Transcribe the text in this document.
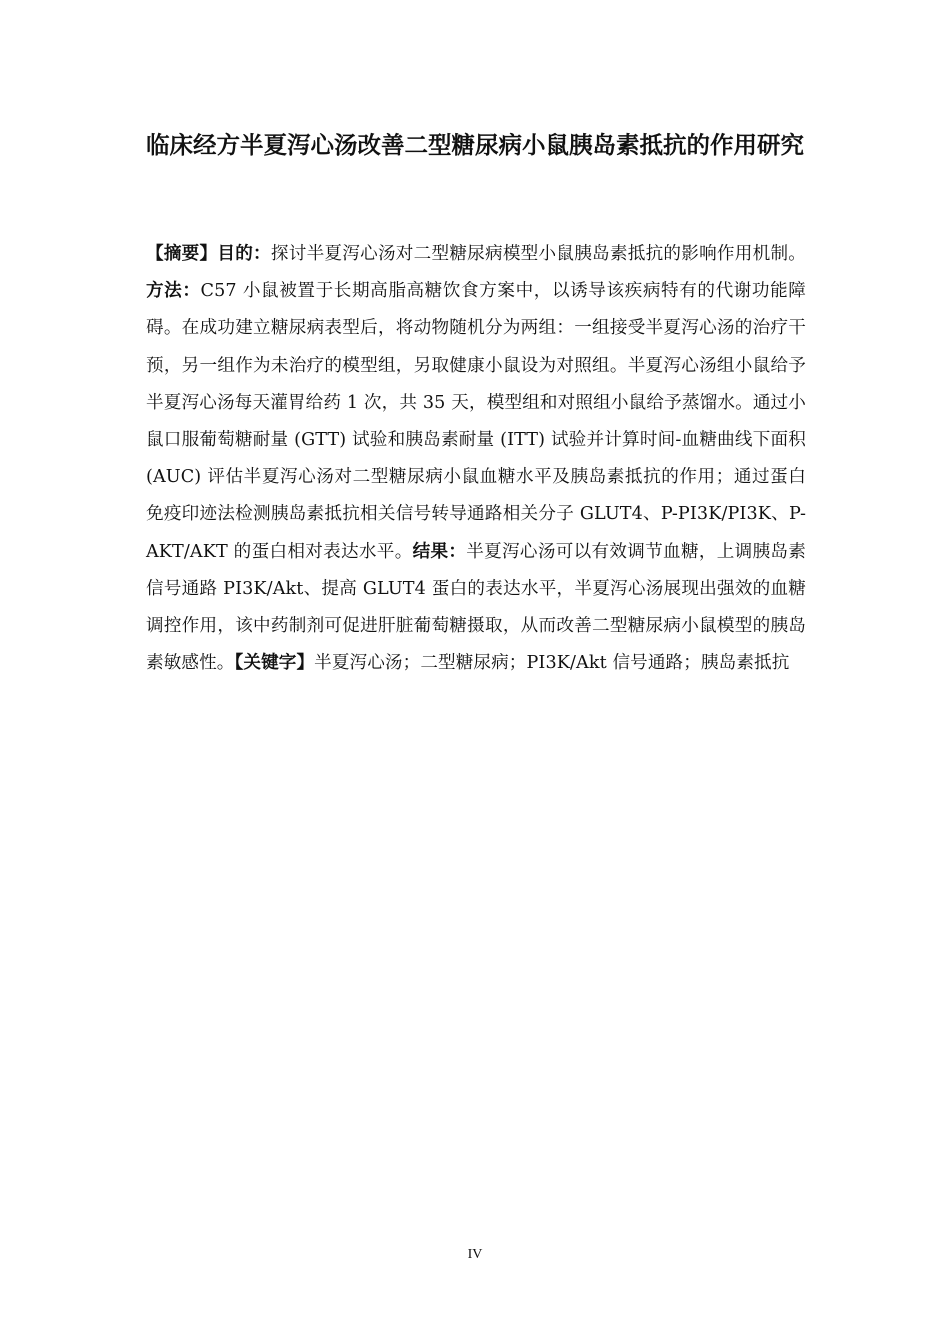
临床经方半夏泻心汤改善二型糖尿病小鼠胰岛素抵抗的作用研究

【摘要】目的：探讨半夏泻心汤对二型糖尿病模型小鼠胰岛素抵抗的影响作用机制。方法：C57 小鼠被置于长期高脂高糖饮食方案中，以诱导该疾病特有的代谢功能障碍。在成功建立糖尿病表型后，将动物随机分为两组：一组接受半夏泻心汤的治疗干预，另一组作为未治疗的模型组，另取健康小鼠设为对照组。半夏泻心汤组小鼠给予半夏泻心汤每天灌胃给药 1 次，共 35 天，模型组和对照组小鼠给予蒸馏水。通过小鼠口服葡萄糖耐量 (GTT) 试验和胰岛素耐量 (ITT) 试验并计算时间-血糖曲线下面积 (AUC) 评估半夏泻心汤对二型糖尿病小鼠血糖水平及胰岛素抵抗的作用；通过蛋白免疫印迹法检测胰岛素抵抗相关信号转导通路相关分子 GLUT4、P-PI3K/PI3K、P-AKT/AKT 的蛋白相对表达水平。结果：半夏泻心汤可以有效调节血糖，上调胰岛素信号通路 PI3K/Akt、提高 GLUT4 蛋白的表达水平，半夏泻心汤展现出强效的血糖调控作用，该中药制剂可促进肝脏葡萄糖摄取，从而改善二型糖尿病小鼠模型的胰岛素敏感性。【关键字】半夏泻心汤；二型糖尿病；PI3K/Akt 信号通路；胰岛素抵抗

IV
